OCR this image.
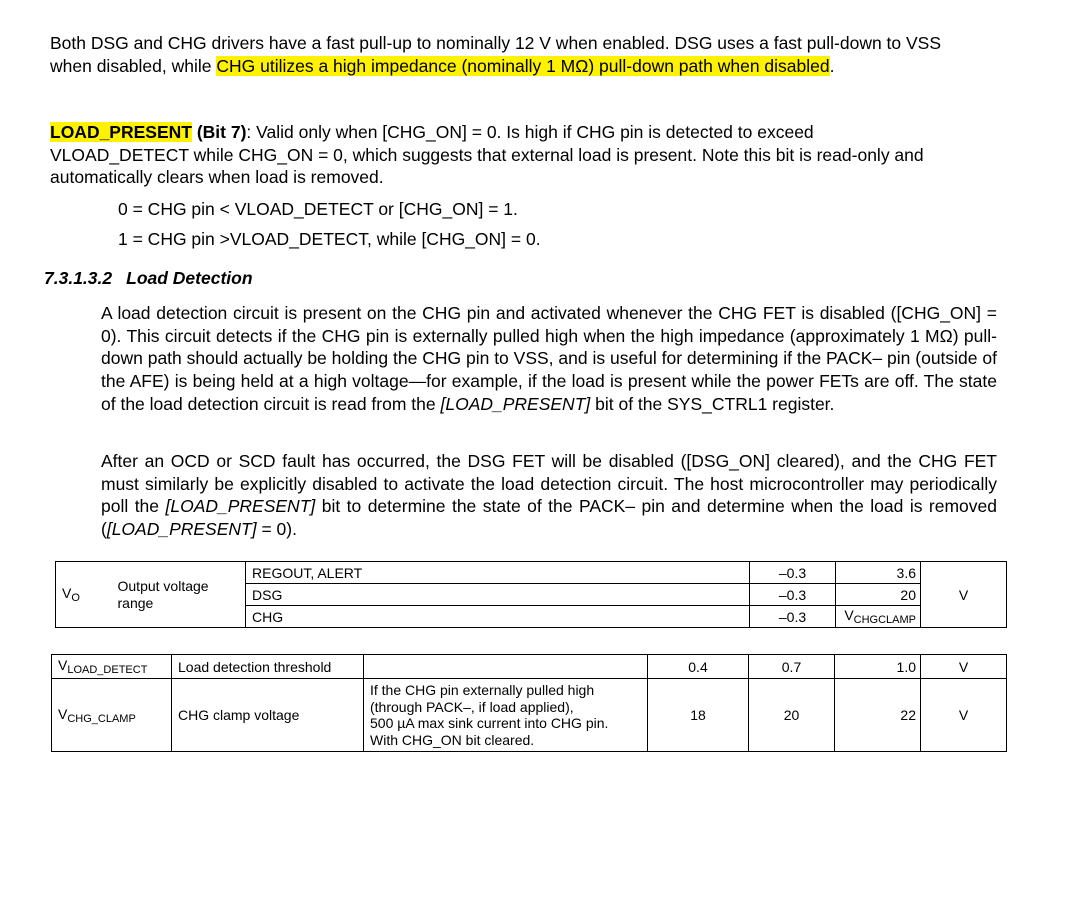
Both DSG and CHG drivers have a fast pull-up to nominally 12 V when enabled. DSG uses a fast pull-down to VSS when disabled, while CHG utilizes a high impedance (nominally 1 MΩ) pull-down path when disabled.

LOAD_PRESENT (Bit 7): Valid only when [CHG_ON] = 0. Is high if CHG pin is detected to exceed VLOAD_DETECT while CHG_ON = 0, which suggests that external load is present. Note this bit is read-only and automatically clears when load is removed.

0 = CHG pin < VLOAD_DETECT or [CHG_ON] = 1.
1 = CHG pin >VLOAD_DETECT, while [CHG_ON] = 0.
7.3.1.3.2 Load Detection

A load detection circuit is present on the CHG pin and activated whenever the CHG FET is disabled ([CHG_ON] = 0). This circuit detects if the CHG pin is externally pulled high when the high impedance (approximately 1 MΩ) pull-down path should actually be holding the CHG pin to VSS, and is useful for determining if the PACK– pin (outside of the AFE) is being held at a high voltage—for example, if the load is present while the power FETs are off. The state of the load detection circuit is read from the [LOAD_PRESENT] bit of the SYS_CTRL1 register.

After an OCD or SCD fault has occurred, the DSG FET will be disabled ([DSG_ON] cleared), and the CHG FET must similarly be explicitly disabled to activate the load detection circuit. The host microcontroller may periodically poll the [LOAD_PRESENT] bit to determine the state of the PACK– pin and determine when the load is removed ([LOAD_PRESENT] = 0).

$V_O$	Output voltage range	REGOUT, ALERT	–0.3	3.6	V
		DSG	–0.3	20	
		CHG	–0.3	$V_{CHGCLAMP}$
$V_{LOAD\_DETECT}$	Load detection threshold		0.4	0.7	1.0	V
$V_{CHG\_CLAMP}$	CHG clamp voltage	If the CHG pin externally pulled high
(through PACK–, if load applied),
500 µA max sink current into CHG pin.
With CHG_ON bit cleared.	18	20	22	V
